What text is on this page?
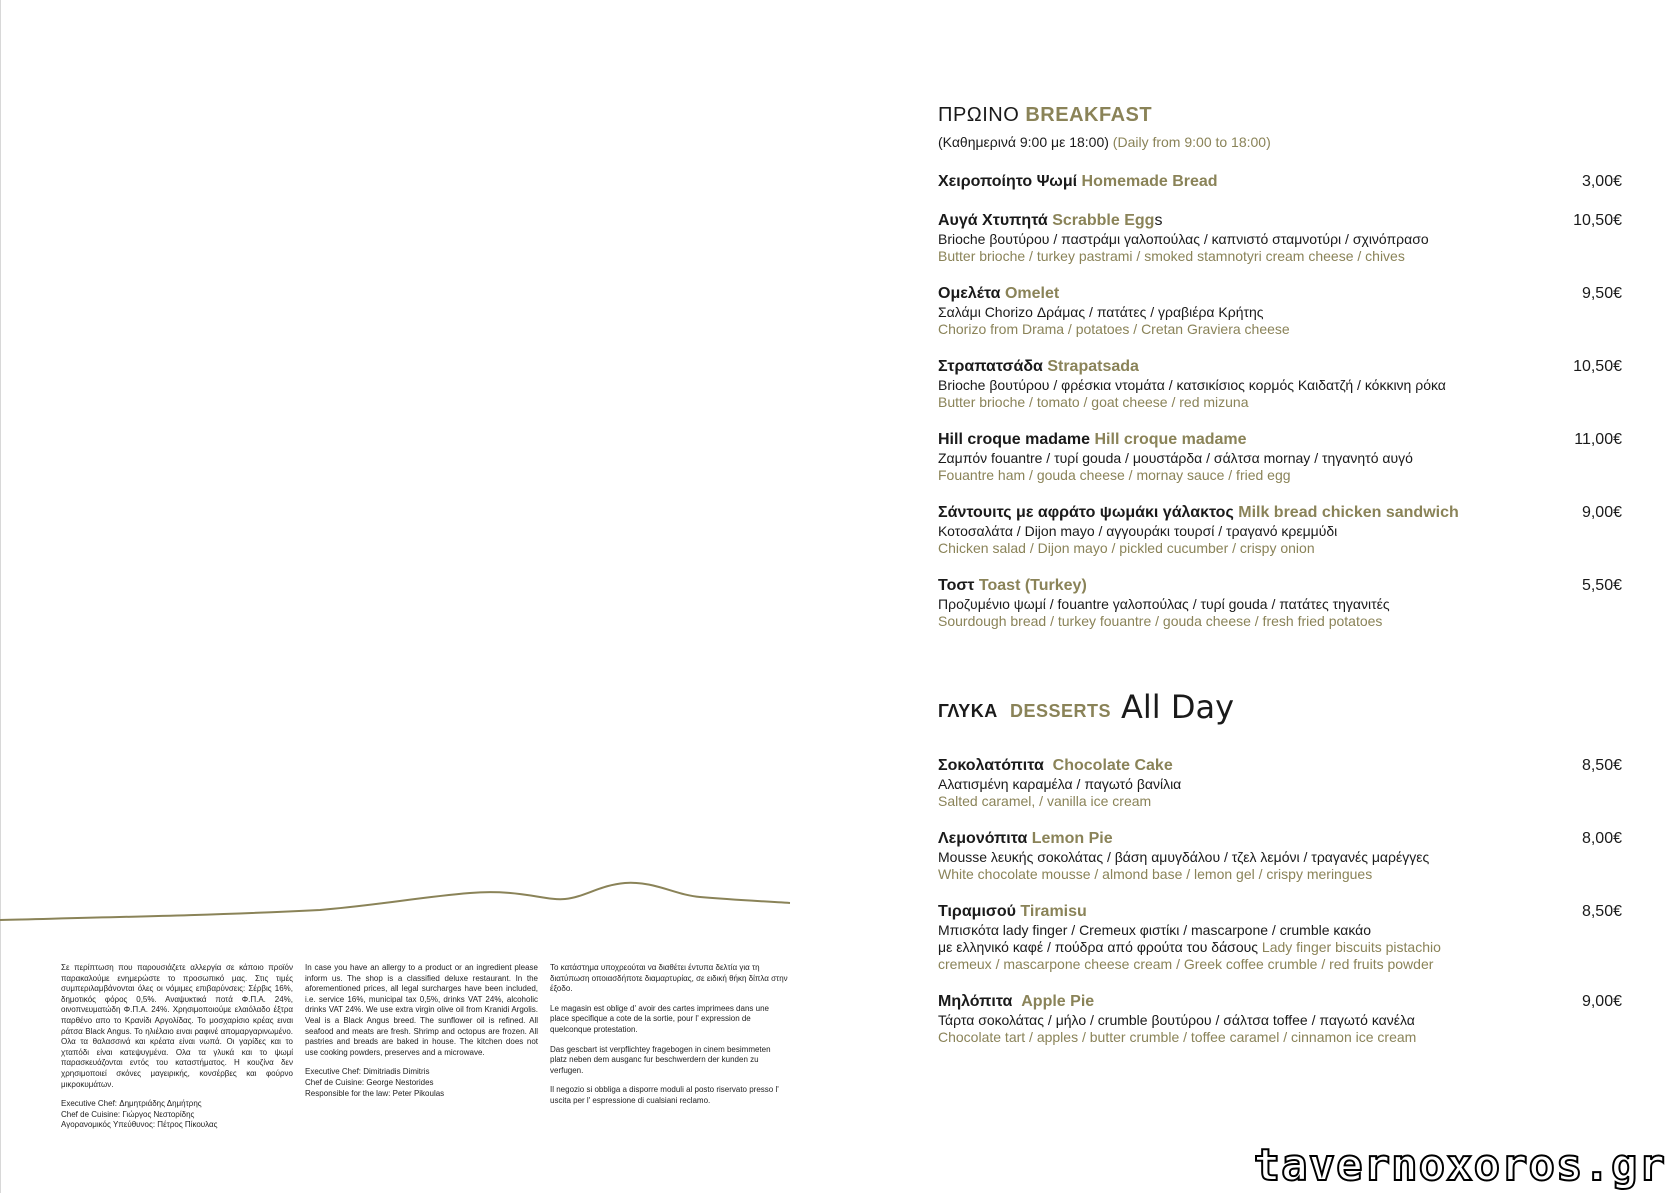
Σε περίπτωση που παρουσιάζετε αλλεργία σε κάποιο προϊόν παρακαλούμε ενημερώστε το προσωπικό μας. Στις τιμές συμπεριλαμβάνονται όλες οι νόμιμες επιβαρύνσεις: Σέρβις 16%, δημοτικός φόρος 0,5%. Αναψυκτικά ποτά Φ.Π.Α. 24%, οινοπνευματώδη Φ.Π.Α. 24%. Χρησιμοποιούμε ελαιόλαδο έξτρα παρθένο απο το Κρανίδι Αργολίδας. Το μοσχαρίσιο κρέας ειναι ράτσα Black Angus. Το ηλιέλαιο ειναι ραφινέ απομαργαρινωμένο. Ολα τα θαλασσινά και κρέατα είναι νωπά. Οι γαρίδες και το χταπόδι είναι κατεψυγμένα. Ολα τα γλυκά και το ψωμί παρασκευάζονται εντός του καταστήματος. Η κουζίνα δεν χρησιμοποιεί σκόνες μαγειρικής, κονσέρβες και φούρνο μικροκυμάτων.

Executive Chef: Δημητριάδης Δημήτρης
Chef de Cuisine: Γιώργος Νεστορίδης
Αγορανομικός Υπεύθυνος: Πέτρος Πίκουλας

In case you have an allergy to a product or an ingredient please inform us. The shop is a classified deluxe restaurant. In the aforementioned prices, all legal surcharges have been included, i.e. service 16%, municipal tax 0,5%, drinks VAT 24%, alcoholic drinks VAT 24%. We use extra virgin olive oil from Kranidi Argolis. Veal is a Black Angus breed. The sunflower oil is refined. All seafood and meats are fresh. Shrimp and octopus are frozen. All pastries and breads are baked in house. The kitchen does not use cooking powders, preserves and a microwave.

Executive Chef: Dimitriadis Dimitris
Chef de Cuisine: George Nestorides
Responsible for the law: Peter Pikoulas

Το κατάστημα υποχρεούται να διαθέτει έντυπα δελτία για τη διατύπωση οποιασδήποτε διαμαρτυρίας, σε ειδική θήκη δίπλα στην έξοδο.

Le magasin est oblige d' avoir des cartes imprimees dans une place specifique a cote de la sortie, pour l' expression de quelconque protestation.

Das gescbart ist verpflichtey fragebogen in cinem besimmeten platz neben dem ausganc fur beschwerdern der kunden zu verfugen.

Il negozio si obbliga a disporre moduli al posto riservato presso l' uscita per l' espressione di cualsiani reclamo.

ΠΡΩΙΝΟ BREAKFAST

(Καθημερινά 9:00 με 18:00) (Daily from 9:00 to 18:00)

Χειροποίητο Ψωμί Homemade Bread	3,00€
Αυγά Χτυπητά Scrabble Eggs	10,50€
Brioche βουτύρου / παστράμι γαλοπούλας / καπνιστό σταμνοτύρι / σχινόπρασο
Butter brioche / turkey pastrami / smoked stamnotyri cream cheese / chives
Ομελέτα Omelet	9,50€
Σαλάμι Chorizo Δράμας / πατάτες / γραβιέρα Κρήτης
Chorizo from Drama / potatoes / Cretan Graviera cheese
Στραπατσάδα Strapatsada	10,50€
Brioche βουτύρου / φρέσκια ντομάτα / κατσικίσιος κορμός Καιδατζή / κόκκινη ρόκα
Butter brioche / tomato / goat cheese / red mizuna
Hill croque madame Hill croque madame	11,00€
Ζαμπόν fouantre / τυρί gouda / μουστάρδα / σάλτσα mornay / τηγανητό αυγό
Fouantre ham / gouda cheese / mornay sauce / fried egg
Σάντουιτς με αφράτο ψωμάκι γάλακτος Milk bread chicken sandwich	9,00€
Κοτοσαλάτα / Dijon mayo / αγγουράκι τουρσί / τραγανό κρεμμύδι
Chicken salad / Dijon mayo / pickled cucumber / crispy onion
Τοστ Toast (Turkey)	5,50€
Προζυμένιο ψωμί / fouantre γαλοπούλας / τυρί gouda / πατάτες τηγανιτές
Sourdough bread / turkey fouantre / gouda cheese / fresh fried potatoes
ΓΛΥΚΑ DESSERTS All Day
Σοκολατόπιτα Chocolate Cake	8,50€
Αλατισμένη καραμέλα / παγωτό βανίλια
Salted caramel, / vanilla ice cream
Λεμονόπιτα Lemon Pie	8,00€
Mousse λευκής σοκολάτας / βάση αμυγδάλου / τζελ λεμόνι / τραγανές μαρέγγες
White chocolate mousse / almond base / lemon gel / crispy meringues
Τιραμισού Tiramisu	8,50€
Μπισκότα lady finger / Cremeux φιστίκι / mascarpone / crumble κακάο
με ελληνικό καφέ / πούδρα από φρούτα του δάσους Lady finger biscuits pistachio
cremeux / mascarpone cheese cream / Greek coffee crumble / red fruits powder
Μηλόπιτα Apple Pie	9,00€
Τάρτα σοκολάτας / μήλο / crumble βουτύρου / σάλτσα toffee / παγωτό κανέλα
Chocolate tart / apples / butter crumble / toffee caramel / cinnamon ice cream
tavernoxoros.gr
